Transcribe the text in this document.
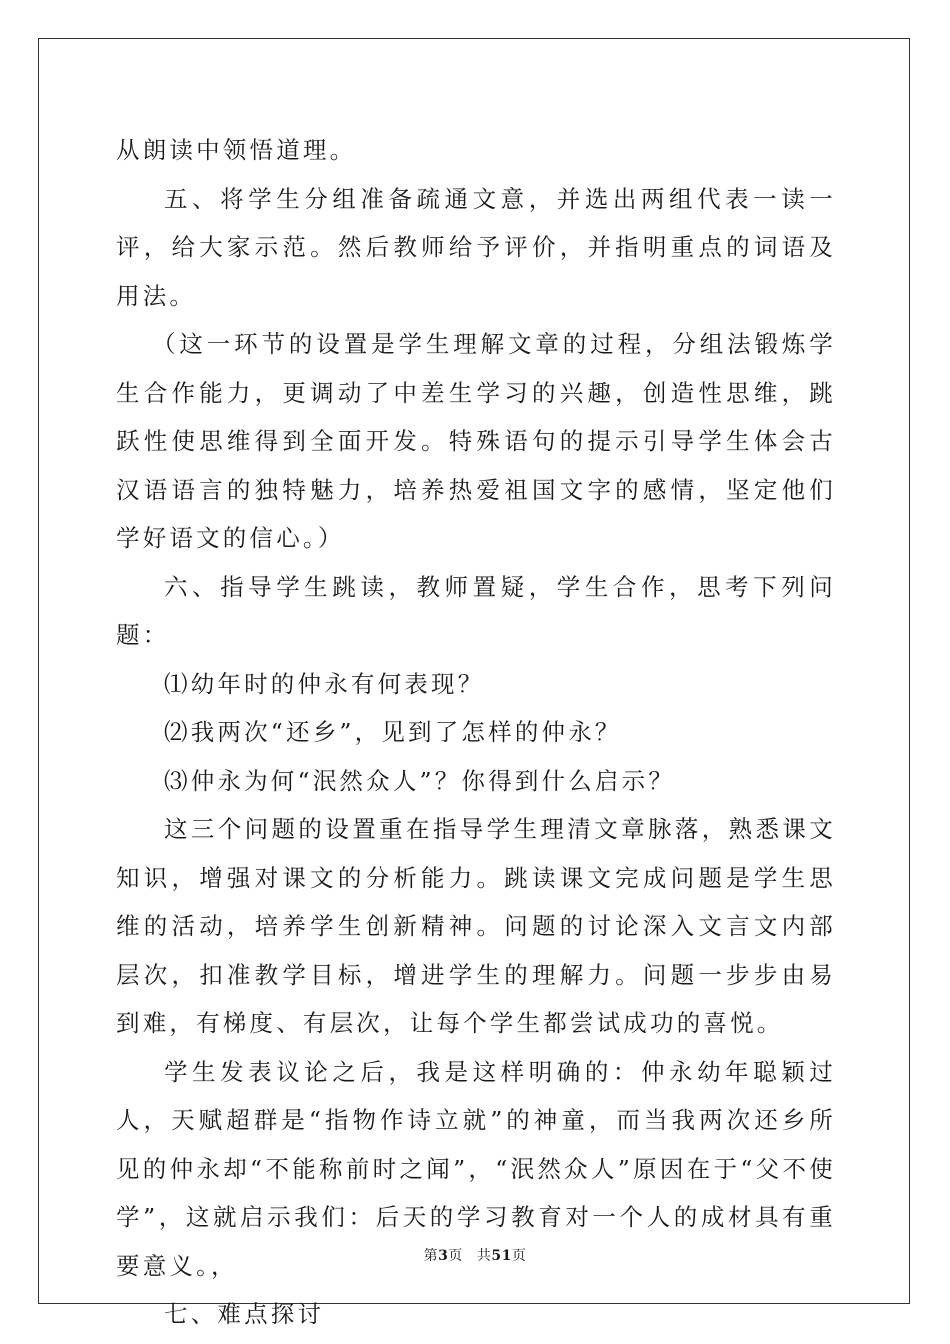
从朗读中领悟道理。

五、将学生分组准备疏通文意，并选出两组代表一读一评，给大家示范。然后教师给予评价，并指明重点的词语及用法。

（这一环节的设置是学生理解文章的过程，分组法锻炼学生合作能力，更调动了中差生学习的兴趣，创造性思维，跳跃性使思维得到全面开发。特殊语句的提示引导学生体会古汉语语言的独特魅力，培养热爱祖国文字的感情，坚定他们学好语文的信心。）

六、指导学生跳读，教师置疑，学生合作，思考下列问题：

⑴幼年时的仲永有何表现？

⑵我两次“还乡”，见到了怎样的仲永？

⑶仲永为何“泯然众人”？你得到什么启示？

这三个问题的设置重在指导学生理清文章脉落，熟悉课文知识，增强对课文的分析能力。跳读课文完成问题是学生思维的活动，培养学生创新精神。问题的讨论深入文言文内部层次，扣准教学目标，增进学生的理解力。问题一步步由易到难，有梯度、有层次，让每个学生都尝试成功的喜悦。

学生发表议论之后，我是这样明确的：仲永幼年聪颖过人，天赋超群是“指物作诗立就”的神童，而当我两次还乡所见的仲永却“不能称前时之闻”，“泯然众人”原因在于“父不使学”，这就启示我们：后天的学习教育对一个人的成材具有重要意义。，

七、难点探讨

第3页 共51页
